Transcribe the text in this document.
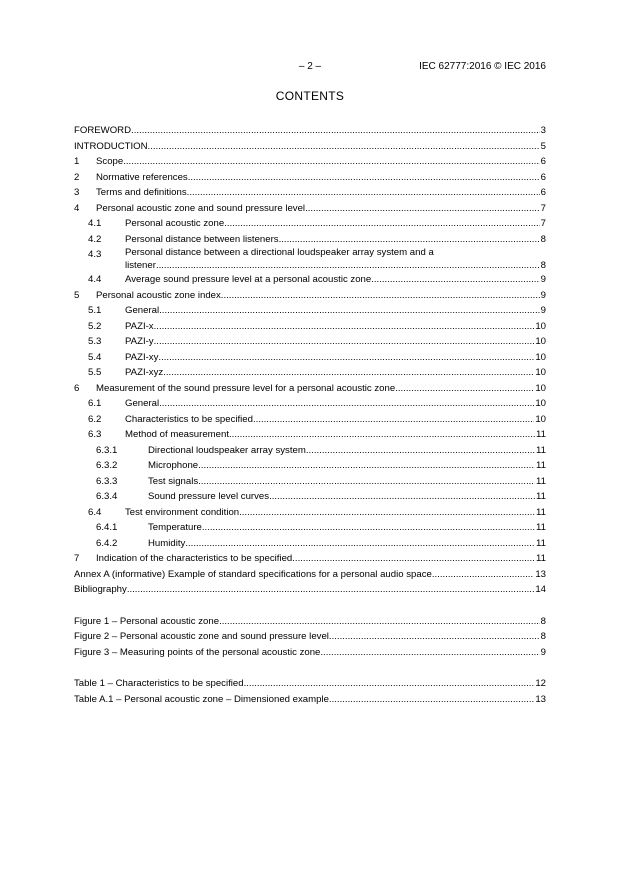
– 2 –	IEC 62777:2016 © IEC 2016
CONTENTS
FOREWORD .....	3
INTRODUCTION .....	5
1 Scope .....	6
2 Normative references .....	6
3 Terms and definitions .....	6
4 Personal acoustic zone and sound pressure level .....	7
4.1 Personal acoustic zone .....	7
4.2 Personal distance between listeners .....	8
4.3 Personal distance between a directional loudspeaker array system and a
listener .....	8
4.4 Average sound pressure level at a personal acoustic zone .....	9
5 Personal acoustic zone index .....	9
5.1 General .....	9
5.2 PAZI-x .....	10
5.3 PAZI-y .....	10
5.4 PAZI-xy .....	10
5.5 PAZI-xyz .....	10
6 Measurement of the sound pressure level for a personal acoustic zone .....	10
6.1 General .....	10
6.2 Characteristics to be specified .....	10
6.3 Method of measurement .....	11
6.3.1	Directional loudspeaker array system .....	11
6.3.2	Microphone .....	11
6.3.3	Test signals .....	11
6.3.4	Sound pressure level curves .....	11
6.4 Test environment condition .....	11
6.4.1	Temperature .....	11
6.4.2	Humidity .....	11
7 Indication of the characteristics to be specified .....	11
Annex A (informative) Example of standard specifications for a personal audio space .....	13
Bibliography .....	14
Figure 1 – Personal acoustic zone .....	8
Figure 2 – Personal acoustic zone and sound pressure level .....	8
Figure 3 – Measuring points of the personal acoustic zone .....	9
Table 1 – Characteristics to be specified .....	12
Table A.1 – Personal acoustic zone – Dimensioned example .....	13
